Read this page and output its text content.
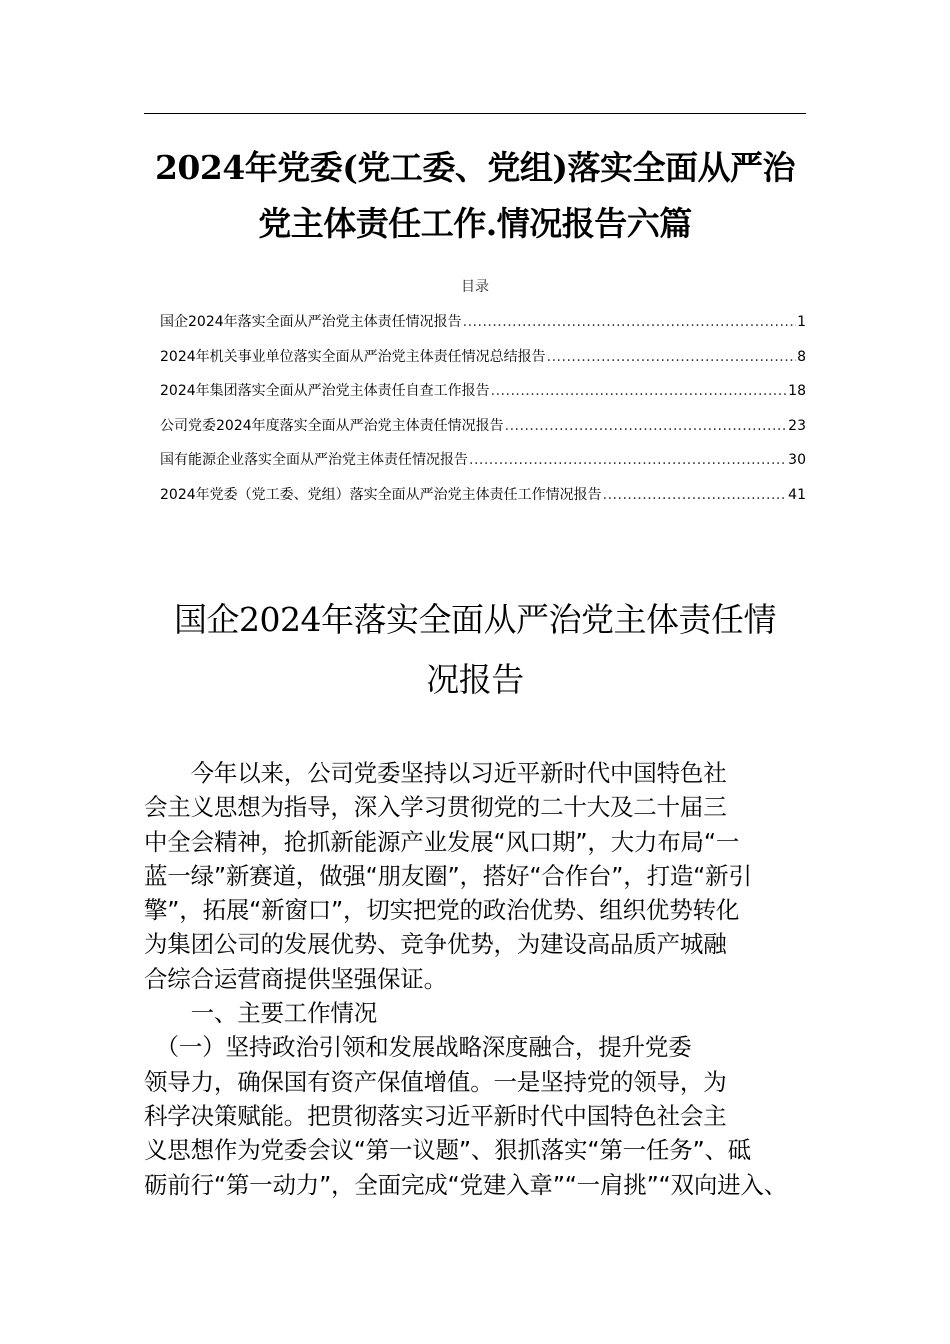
2024年党委(党工委、党组)落实全面从严治
党主体责任工作.情况报告六篇
目录
国企2024年落实全面从严治党主体责任情况报告 .....	1
2024年机关事业单位落实全面从严治党主体责任情况总结报告 .....	8
2024年集团落实全面从严治党主体责任自查工作报告 .....	18
公司党委2024年度落实全面从严治党主体责任情况报告 .....	23
国有能源企业落实全面从严治党主体责任情况报告 .....	30
2024年党委（党工委、党组）落实全面从严治党主体责任工作情况报告 .....	41
国企2024年落实全面从严治党主体责任情
况报告
　　今年以来，公司党委坚持以习近平新时代中国特色社
会主义思想为指导，深入学习贯彻党的二十大及二十届三
中全会精神，抢抓新能源产业发展“风口期”，大力布局“一
蓝一绿”新赛道，做强“朋友圈”，搭好“合作台”，打造“新引
擎”，拓展“新窗口”，切实把党的政治优势、组织优势转化
为集团公司的发展优势、竞争优势，为建设高品质产城融
合综合运营商提供坚强保证。
　　一、主要工作情况
　（一）坚持政治引领和发展战略深度融合，提升党委
领导力，确保国有资产保值增值。一是坚持党的领导，为
科学决策赋能。把贯彻落实习近平新时代中国特色社会主
义思想作为党委会议“第一议题”、狠抓落实“第一任务”、砥
砺前行“第一动力”，全面完成“党建入章”“一肩挑”“双向进入、
